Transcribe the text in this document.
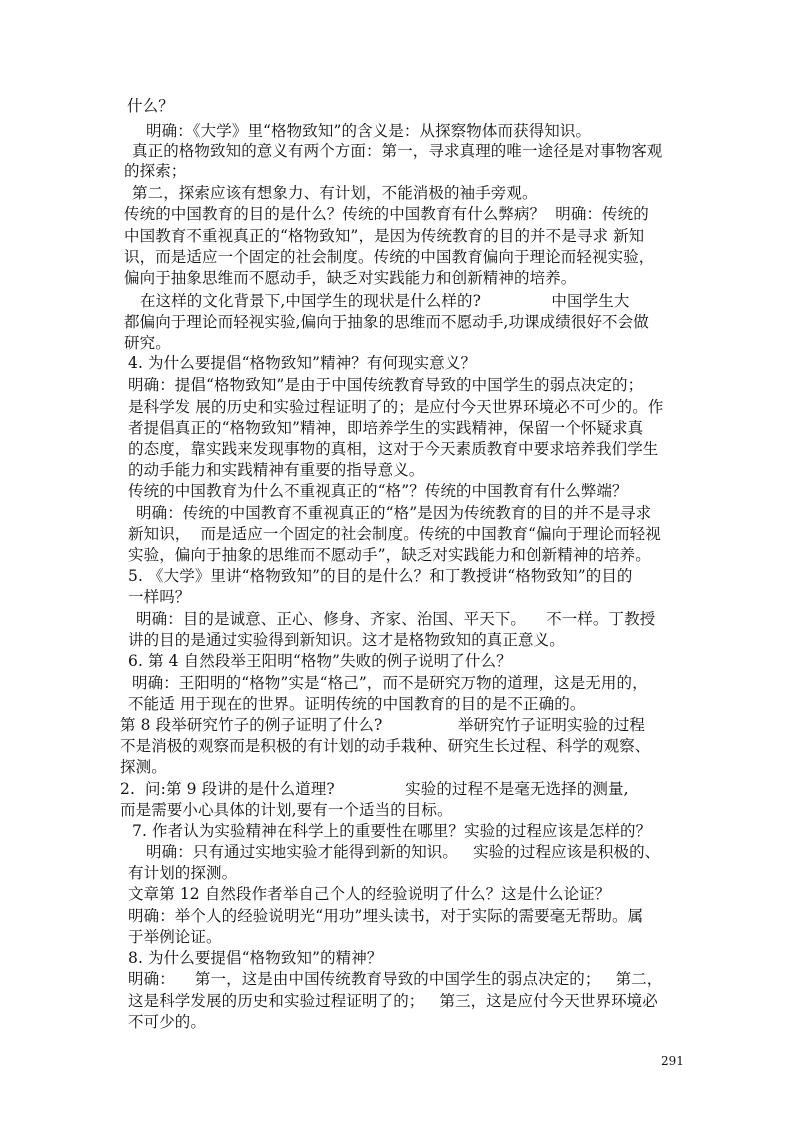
什么？
明确：《大学》里“格物致知”的含义是：从探察物体而获得知识。
真正的格物致知的意义有两个方面：第一，寻求真理的唯一途径是对事物客观
的探索；
第二，探索应该有想象力、有计划，不能消极的袖手旁观。
传统的中国教育的目的是什么？传统的中国教育有什么弊病？  明确：传统的
中国教育不重视真正的“格物致知”，是因为传统教育的目的并不是寻求 新知
识，而是适应一个固定的社会制度。传统的中国教育偏向于理论而轻视实验，
偏向于抽象思维而不愿动手，缺乏对实践能力和创新精神的培养。
在这样的文化背景下,中国学生的现状是什么样的?              中国学生大
都偏向于理论而轻视实验,偏向于抽象的思维而不愿动手,功课成绩很好不会做
研究。
4. 为什么要提倡“格物致知”精神？有何现实意义？
明确：提倡“格物致知”是由于中国传统教育导致的中国学生的弱点决定的；
是科学发 展的历史和实验过程证明了的；是应付今天世界环境必不可少的。作
者提倡真正的“格物致知”精神，即培养学生的实践精神，保留一个怀疑求真
的态度，靠实践来发现事物的真相，这对于今天素质教育中要求培养我们学生
的动手能力和实践精神有重要的指导意义。
传统的中国教育为什么不重视真正的“格”？传统的中国教育有什么弊端？
明确：传统的中国教育不重视真正的“格”是因为传统教育的目的并不是寻求
新知识，  而是适应一个固定的社会制度。传统的中国教育“偏向于理论而轻视
实验，偏向于抽象的思维而不愿动手”，缺乏对实践能力和创新精神的培养。
5. 《大学》里讲“格物致知”的目的是什么？和丁教授讲“格物致知”的目的
一样吗？
明确：目的是诚意、正心、修身、齐家、治国、平天下。    不一样。丁教授
讲的目的是通过实验得到新知识。这才是格物致知的真正意义。
6. 第 4 自然段举王阳明“格物”失败的例子说明了什么？
明确：王阳明的“格物”实是“格己”，而不是研究万物的道理，这是无用的，
不能适 用于现在的世界。证明传统的中国教育的目的是不正确的。
第 8 段举研究竹子的例子证明了什么?               举研究竹子证明实验的过程
不是消极的观察而是积极的有计划的动手栽种、研究生长过程、科学的观察、
探测。
2.  问:第 9 段讲的是什么道理?              实验的过程不是毫无选择的测量,
而是需要小心具体的计划,要有一个适当的目标。
7. 作者认为实验精神在科学上的重要性在哪里？实验的过程应该是怎样的？
明确：只有通过实地实验才能得到新的知识。   实验的过程应该是积极的、
有计划的探测。
文章第 12 自然段作者举自己个人的经验说明了什么？这是什么论证？
明确：举个人的经验说明光“用功”埋头读书，对于实际的需要毫无帮助。属
于举例论证。
8. 为什么要提倡“格物致知”的精神？
明确：    第一，这是由中国传统教育导致的中国学生的弱点决定的；   第二，
这是科学发展的历史和实验过程证明了的；   第三，这是应付今天世界环境必
不可少的。
291
